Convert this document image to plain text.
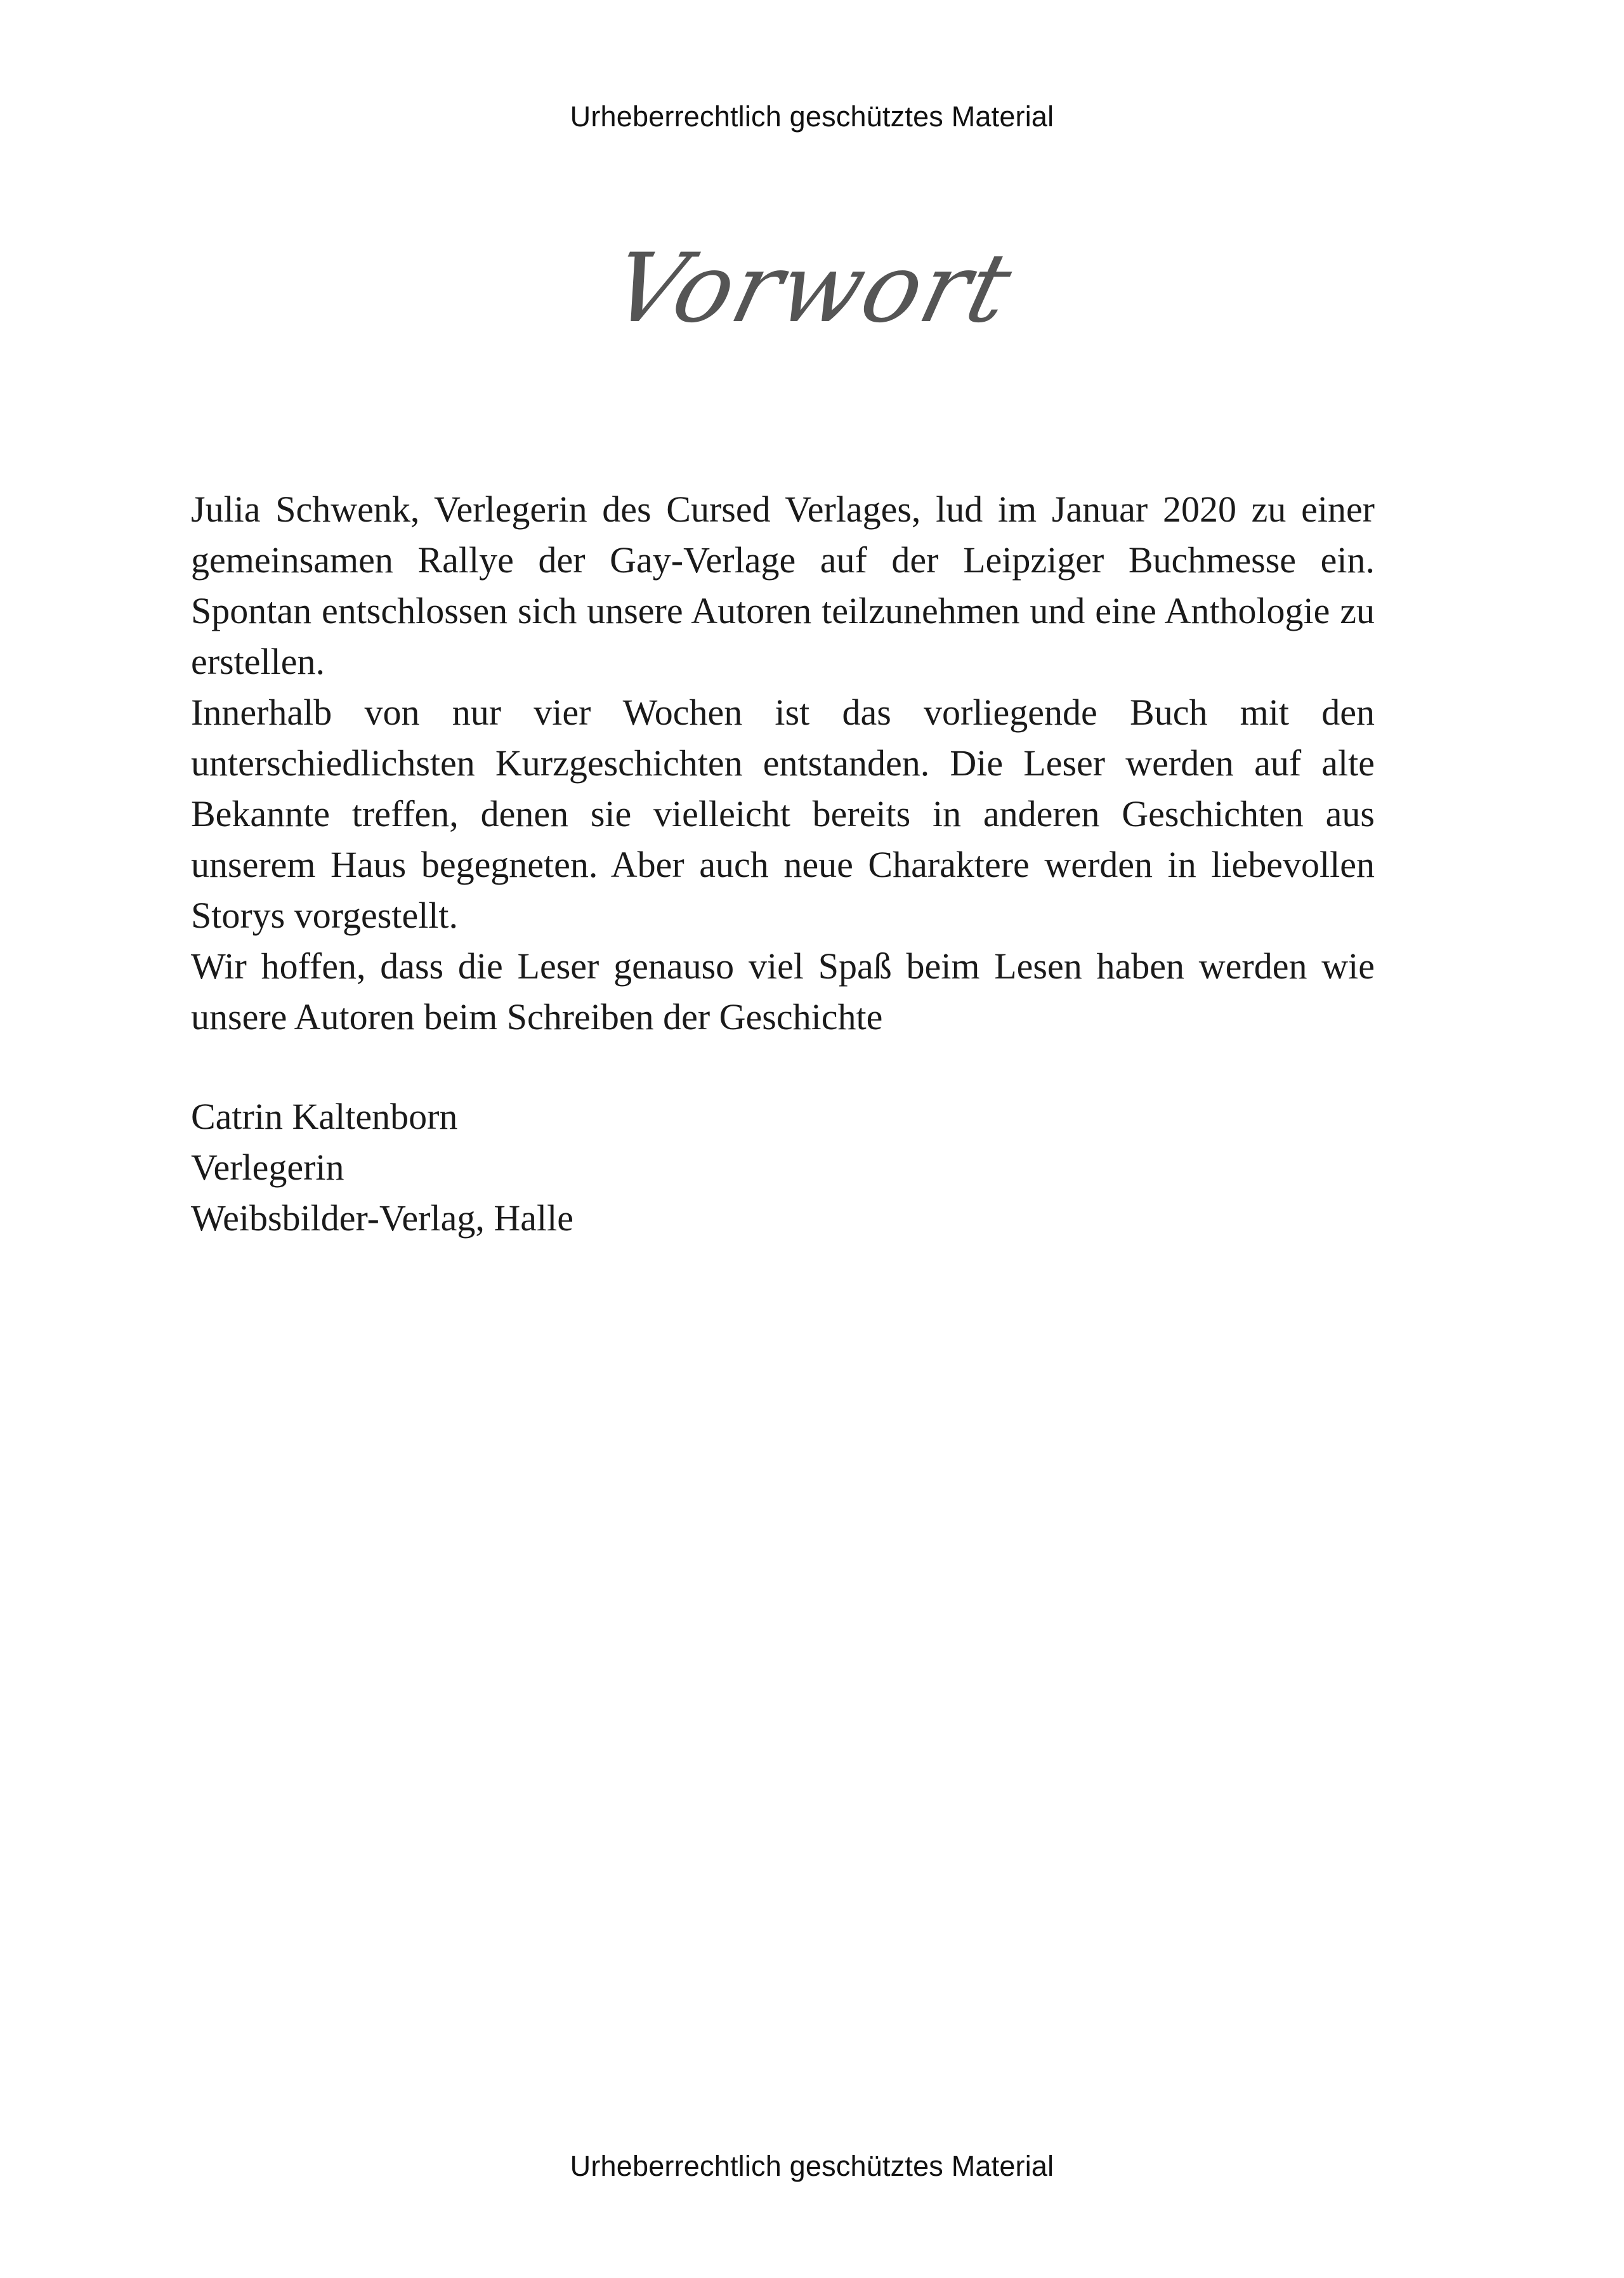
Urheberrechtlich geschütztes Material
Vorwort

Julia Schwenk, Verlegerin des Cursed Verlages, lud im Januar 2020 zu einer gemeinsamen Rallye der Gay-Verlage auf der Leipziger Buchmesse ein. Spontan entschlossen sich unsere Autoren teilzunehmen und eine Anthologie zu erstellen.

Innerhalb von nur vier Wochen ist das vorliegende Buch mit den unterschiedlichsten Kurzgeschichten entstanden. Die Leser werden auf alte Bekannte treffen, denen sie vielleicht bereits in anderen Geschichten aus unserem Haus begegneten. Aber auch neue Charaktere werden in liebevollen Storys vorgestellt.

Wir hoffen, dass die Leser genauso viel Spaß beim Lesen haben werden wie unsere Autoren beim Schreiben der Geschichte

Catrin Kaltenborn
Verlegerin
Weibsbilder-Verlag, Halle
Urheberrechtlich geschütztes Material
